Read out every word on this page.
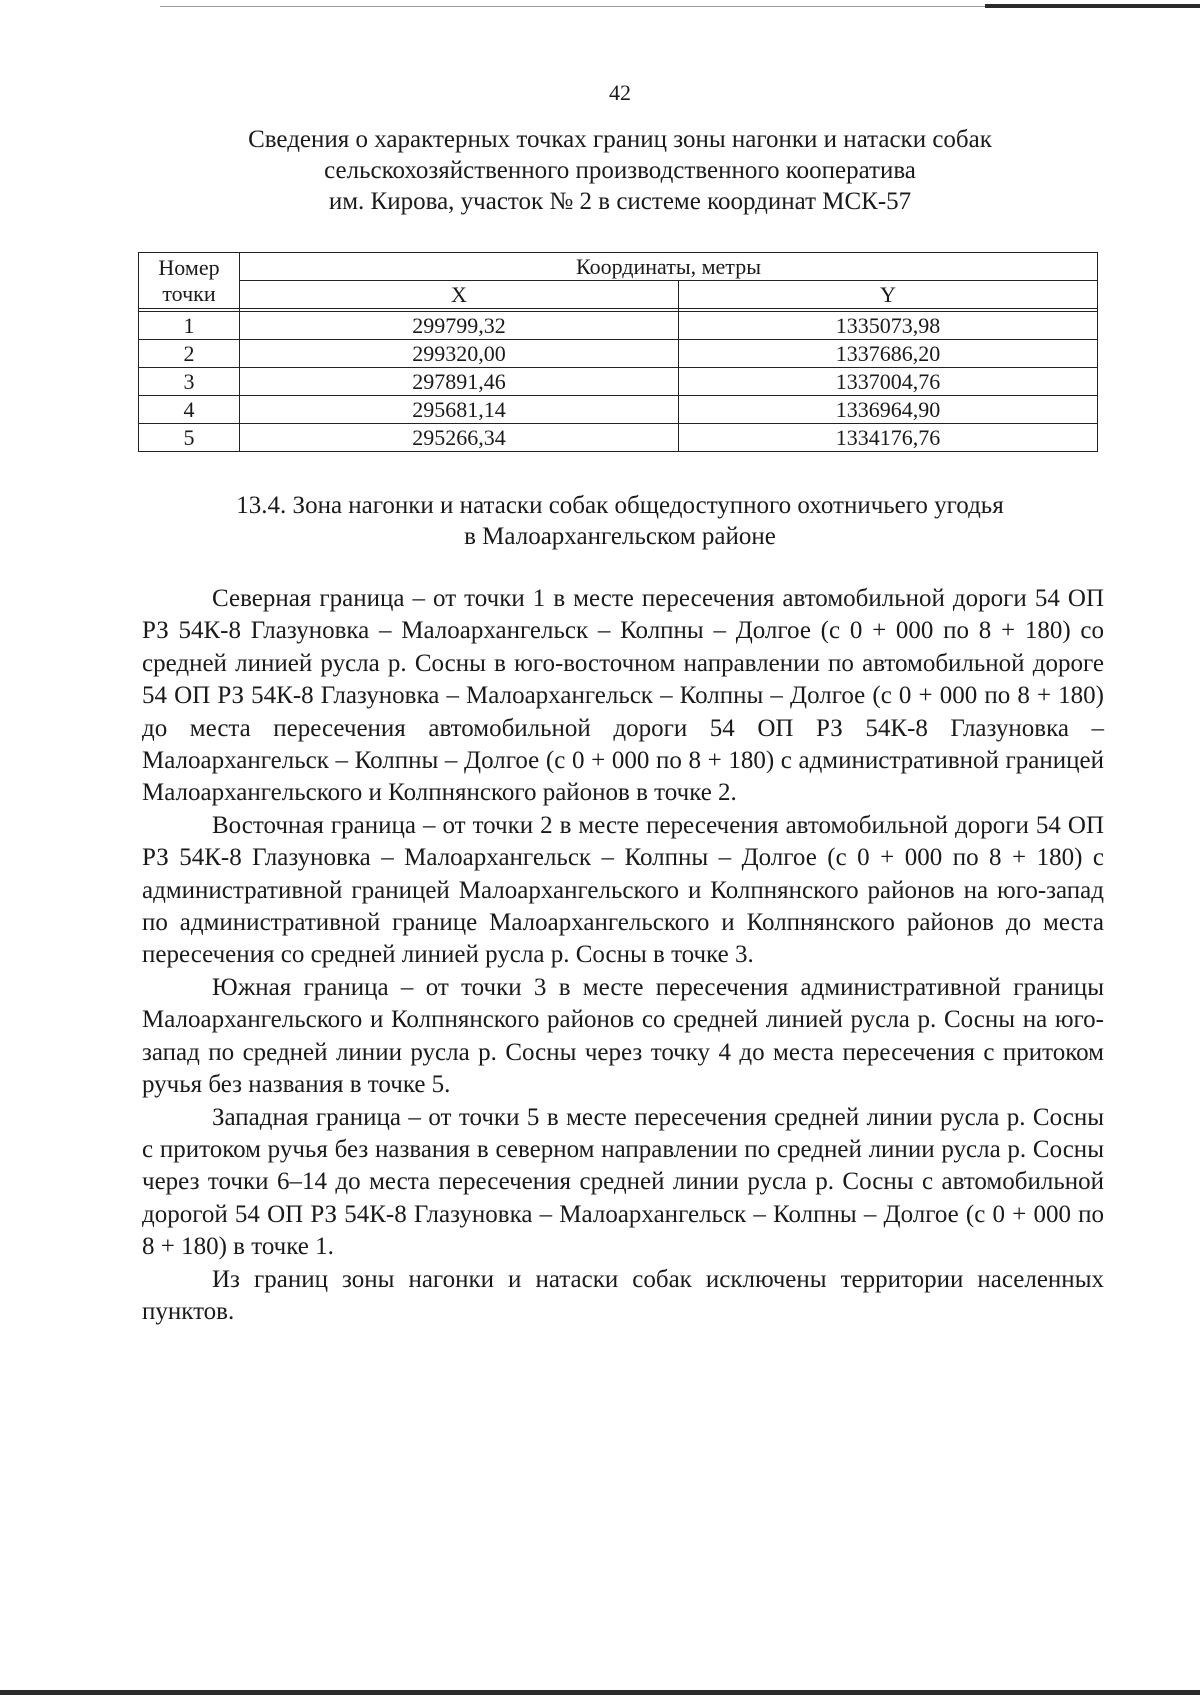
42
Сведения о характерных точках границ зоны нагонки и натаски собак
сельскохозяйственного производственного кооператива
им. Кирова, участок № 2 в системе координат МСК-57
Номер точки	Координаты, метры	
	X	Y

1	299799,32	1335073,98
2	299320,00	1337686,20
3	297891,46	1337004,76
4	295681,14	1336964,90
5	295266,34	1334176,76
13.4. Зона нагонки и натаски собак общедоступного охотничьего угодья
в Малоархангельском районе

Северная граница – от точки 1 в месте пересечения автомобильной дороги 54 ОП РЗ 54К-8 Глазуновка – Малоархангельск – Колпны – Долгое (с 0 + 000 по 8 + 180) со средней линией русла р. Сосны в юго-восточном направлении по автомобильной дороге 54 ОП РЗ 54К-8 Глазуновка – Малоархангельск – Колпны – Долгое (с 0 + 000 по 8 + 180) до места пересечения автомобильной дороги 54 ОП РЗ 54К-8 Глазуновка – Малоархангельск – Колпны – Долгое (с 0 + 000 по 8 + 180) с административной границей Малоархангельского и Колпнянского районов в точке 2.

Восточная граница – от точки 2 в месте пересечения автомобильной дороги 54 ОП РЗ 54К-8 Глазуновка – Малоархангельск – Колпны – Долгое (с 0 + 000 по 8 + 180) с административной границей Малоархангельского и Колпнянского районов на юго-запад по административной границе Малоархангельского и Колпнянского районов до места пересечения со средней линией русла р. Сосны в точке 3.

Южная граница – от точки 3 в месте пересечения административной границы Малоархангельского и Колпнянского районов со средней линией русла р. Сосны на юго-запад по средней линии русла р. Сосны через точку 4 до места пересечения с притоком ручья без названия в точке 5.

Западная граница – от точки 5 в месте пересечения средней линии русла р. Сосны с притоком ручья без названия в северном направлении по средней линии русла р. Сосны через точки 6–14 до места пересечения средней линии русла р. Сосны с автомобильной дорогой 54 ОП РЗ 54К-8 Глазуновка – Малоархангельск – Колпны – Долгое (с 0 + 000 по 8 + 180) в точке 1.

Из границ зоны нагонки и натаски собак исключены территории населенных пунктов.
